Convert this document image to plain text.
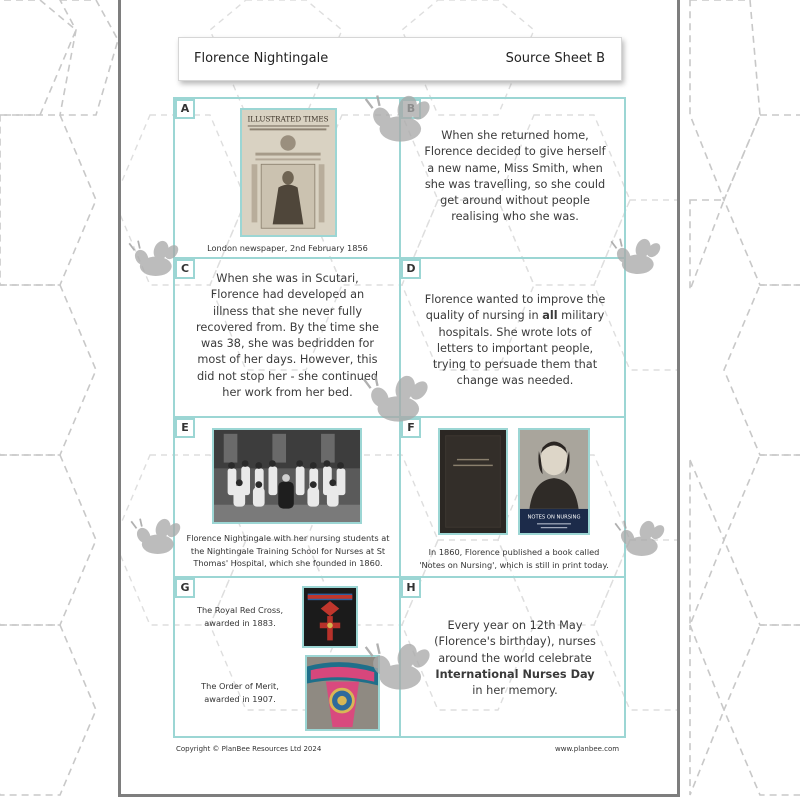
Florence Nightingale	Source Sheet B
A
ILLUSTRATED TIMES
London newspaper, 2nd February 1856
When she returned home,
Florence decided to give herself
a new name, Miss Smith, when
she was travelling, so she could
get around without people
realising who she was.
C
When she was in Scutari,
Florence had developed an
illness that she never fully
recovered from. By the time she
was 38, she was bedridden for
most of her days. However, this
did not stop her - she continued
her work from her bed.
D
Florence wanted to improve the
quality of nursing in all military
hospitals. She wrote lots of
letters to important people,
trying to persuade them that
change was needed.
E
Florence Nightingale with her nursing students at
the Nightingale Training School for Nurses at St
Thomas' Hospital, which she founded in 1860.
F
NOTES ON NURSING
In 1860, Florence published a book called
'Notes on Nursing', which is still in print today.
G
The Royal Red Cross,
awarded in 1883.
The Order of Merit,
awarded in 1907.
H
Every year on 12th May
(Florence's birthday), nurses
around the world celebrate
International Nurses Day
in her memory.
Copyright © PlanBee Resources Ltd 2024	www.planbee.com
